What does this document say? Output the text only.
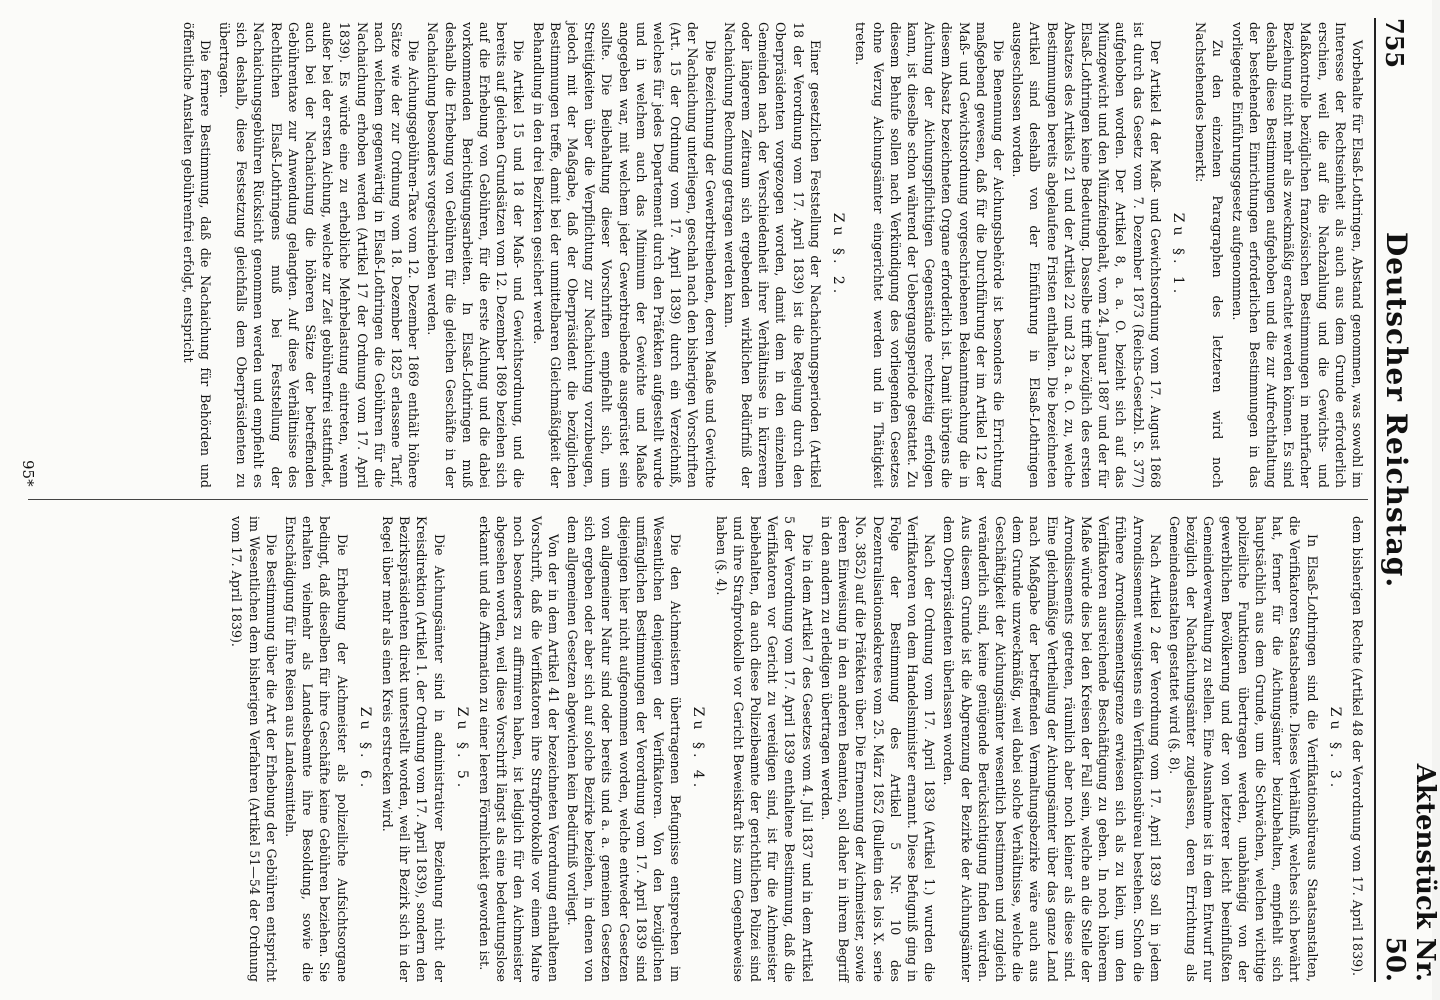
755
Deutscher Reichstag.
Aktenstück Nr. 50.

Vorbehalte für Elsaß-Lothringen, Abstand genommen, was sowohl im Interesse der Rechtseinheit als auch aus dem Grunde erforderlich erschien, weil die auf die Nachzahlung und die Gewichts- und Maßkontrolle bezüglichen französischen Bestimmungen in mehrfacher Beziehung nicht mehr als zweckmäßig erachtet werden können. Es sind deshalb diese Bestimmungen aufgehoben und die zur Aufrechthaltung der bestehenden Einrichtungen erforderlichen Bestimmungen in das vorliegende Einführungsgesetz aufgenommen.

Zu den einzelnen Paragraphen des letzteren wird noch Nachstehendes bemerkt:

Zu §. 1.

Der Artikel 4 der Maß- und Gewichtsordnung vom 17. August 1868 ist durch das Gesetz vom 7. Dezember 1873 (Reichs-Gesetzbl. S. 377) aufgehoben worden. Der Artikel 8, a. a. O. bezieht sich auf das Münzgewicht und den Münzfeingehalt, vom 24. Januar 1887 und der für Elsaß-Lothringen keine Bedeutung. Dasselbe trifft bezüglich des ersten Absatzes des Artikels 21 und der Artikel 22 und 23 a. a. O. zu, welche Bestimmungen bereits abgelaufene Fristen enthalten. Die bezeichneten Artikel sind deshalb von der Einführung in Elsaß-Lothringen ausgeschlossen worden.

Die Benennung der Aichungsbehörde ist besonders die Errichtung maßgebend gewesen, daß für die Durchführung der im Artikel 12 der Maß- und Gewichtsordnung vorgeschriebenen Bekanntmachung die in diesem Absatz bezeichneten Organe erforderlich ist. Damit übrigens die Aichung der Aichungspflichtigen Gegenstände rechtzeitig erfolgen kann, ist dieselbe schon während der Uebergangsperiode gestattet. Zu diesem Behufe sollen nach Verkündigung des vorliegenden Gesetzes ohne Verzug Aichungsämter eingerichtet werden und in Thätigkeit treten.

Zu §. 2.

Einer gesetzlichen Feststellung der Nachaichungsperioden (Artikel 18 der Verordnung vom 17. April 1839) ist die Regelung durch den Oberpräsidenten vorgezogen worden, damit dem in den einzelnen Gemeinden nach der Verschiedenheit ihrer Verhältnisse in kürzerem oder längerem Zeitraum sich ergebenden wirklichen Bedürfniß der Nachaichung Rechnung getragen werden kann.

Die Bezeichnung der Gewerbtreibenden, deren Maaße und Gewichte der Nachaichung unterliegen, geschah nach den bisherigen Vorschriften (Art. 15 der Ordnung vom 17. April 1839) durch ein Verzeichniß, welches für jedes Departement durch den Präfekten aufgestellt wurde und in welchem auch das Minimum der Gewichte und Maaße angegeben war, mit welchem jeder Gewerbtreibende ausgerüstet sein sollte. Die Beibehaltung dieser Vorschriften empfiehlt sich, um Streitigkeiten über die Verpflichtung zur Nachaichung vorzubeugen, jedoch mit der Maßgabe, daß der Oberpräsident die bezüglichen Bestimmungen treffe, damit bei der unmittelbaren Gleichmäßigkeit der Behandlung in den drei Bezirken gesichert werde.

Die Artikel 15 und 18 der Maß- und Gewichtsordnung, und die bereits auf gleichen Grundsätzen vom 12. Dezember 1869 beziehen sich auf die Erhebung von Gebühren, für die erste Aichung und die dabei vorkommenden Berichtigungsarbeiten. In Elsaß-Lothringen muß deshalb die Erhebung von Gebühren für die gleichen Geschäfte in der Nachaichung besonders vorgeschrieben werden.

Die Aichungsgebühren-Taxe vom 12. Dezember 1869 enthält höhere Sätze wie der zur Ordnung vom 18. Dezember 1825 erlassene Tarif, nach welchem gegenwärtig in Elsaß-Lothringen die Gebühren für die Nachaichung erhoben werden (Artikel 17 der Ordnung vom 17. April 1839). Es würde eine zu erhebliche Mehrbelastung eintreten, wenn außer bei der ersten Aichung, welche zur Zeit gebührenfrei stattfindet, auch bei der Nachaichung die höheren Sätze der betreffenden Gebührentaxe zur Anwendung gelangten. Auf diese Verhältnisse des Rechtlichen Elsaß-Lothringens muß bei Feststellung der Nachaichungsgebühren Rücksicht genommen werden und empfiehlt es sich deshalb, diese Festsetzung gleichfalls dem Oberpräsidenten zu übertragen.

Die fernere Bestimmung, daß die Nachaichung für Behörden und öffentliche Anstalten gebührenfrei erfolgt, entspricht

dem bisherigen Rechte (Artikel 48 der Verordnung vom 17. April 1839).

Zu §. 3.

In Elsaß-Lothringen sind die Verifikationsbüreaus Staatsanstalten, die Verifikatoren Staatsbeamte. Dieses Verhältniß, welches sich bewährt hat, ferner für die Aichungsämter beizubehalten, empfiehlt sich hauptsächlich aus dem Grunde, um die Schwächen, welchen wichtige polizeiliche Funktionen übertragen werden, unabhängig von der gewerblichen Bevölkerung und der von letzterer leicht beeinflußten Gemeindeverwaltung zu stellen. Eine Ausnahme ist in dem Entwurf nur bezüglich der Nachaichungsämter zugelassen, deren Errichtung als Gemeindeanstalten gestattet wird (§. 8).

Nach Artikel 2 der Verordnung vom 17. April 1839 soll in jedem Arrondissement wenigstens ein Verifikationsbüreau bestehen. Schon die frühere Arrondissementsgrenze erwiesen sich als zu klein, um den Verifikatoren ausreichende Beschäftigung zu geben. In noch höherem Maße würde dies bei den Kreisen der Fall sein, welche an die Stelle der Arrondissements getreten, räumlich aber noch kleiner als diese sind. Eine gleichmäßige Vertheilung der Aichungsämter über das ganze Land nach Maßgabe der betreffenden Vermaltungsbezirke wäre auch aus dem Grunde unzweckmäßig, weil dabei solche Verhältnisse, welche die Geschäftigkeit der Aichungsämter wesentlich bestimmen und zugleich veränderlich sind, keine genügende Berücksichtigung finden würden. Aus diesem Grunde ist die Abgrenzung der Bezirke der Aichungsämter dem Oberpräsidenten überlassen worden.

Nach der Ordnung vom 17. April 1839 (Artikel 1.) wurden die Verifikatoren von dem Handelsminister ernannt. Diese Befugniß ging in Folge der Bestimmung des Artikel 5 Nr. 10 des Dezentralisationsdekretes vom 25. März 1852 (Bulletin des lois X. serie No. 3852) auf die Präfekten über. Die Ernennung der Aichmeister, sowie deren Einweisung in den anderen Beamten, soll daher in ihrem Begriff in den andern zu erledigen übertragen werden.

Die in dem Artikel 7 des Gesetzes vom 4. Juli 1837 und in dem Artikel 5 der Verordnung vom 17. April 1839 enthaltene Bestimmung, daß die Verifikatoren vor Gericht zu vereidigen sind, ist für die Aichmeister beibehalten, da auch diese Polizeibeamte der gerichtlichen Polizei sind und ihre Strafprotokolle vor Gericht Beweiskraft bis zum Gegenbeweise haben (§. 4).

Zu §. 4.

Die den Aichmeistern übertragenen Befugnisse entsprechen im Wesentlichen denjenigen der Verifikatoren. Von den bezüglichen umfänglichen Bestimmungen der Verordnung vom 17. April 1839 sind diejenigen hier nicht aufgenommen worden, welche entweder Gesetzen von allgemeiner Natur sind oder bereits und a. a. gemeinen Gesetzen sich ergeben oder aber sich auf solche Bezirke beziehen, in denen von dem allgemeinen Gesetzen abgewichen kein Bedürfniß vorliegt.

Von der in dem Artikel 41 der bezeichneten Verordnung enthaltenen Vorschrift, daß die Verifikatoren ihre Strafprotokolle vor einem Maire noch besonders zu affirmiren haben, ist lediglich für den Aichmeister abgesehen worden, weil diese Vorschrift längst als eine bedeutungslose erkannt und die Affirmation zu einer leeren Förmlichkeit geworden ist.

Zu §. 5.

Die Aichungsämter sind in administrativer Beziehung nicht der Kreisdirektion (Artikel 1. der Ordnung vom 17. April 1839), sondern den Bezirkspräsidenten direkt unterstellt worden, weil ihr Bezirk sich in der Regel über mehr als einen Kreis erstrecken wird.

Zu §. 6.

Die Erhebung der Aichmeister als polizeiliche Aufsichtsorgane bedingt, daß dieselben für ihre Geschäfte keine Gebühren beziehen. Sie erhalten vielmehr als Landesbeamte ihre Besoldung, sowie die Entschädigung für ihre Reisen aus Landesmitteln.

Die Bestimmung über die Art der Erhebung der Gebühren entspricht im Wesentlichen dem bisherigen Verfahren (Artikel 51—54 der Ordnung vom 17. April 1839).

95*
